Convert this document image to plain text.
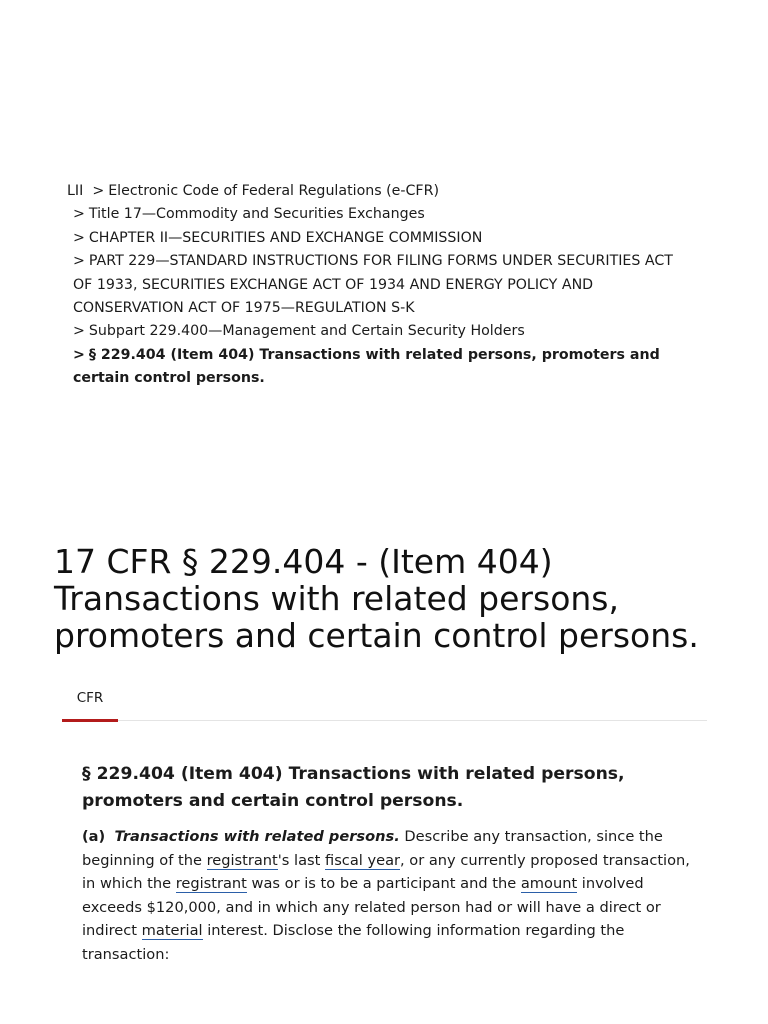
LII > Electronic Code of Federal Regulations (e-CFR)
> Title 17—Commodity and Securities Exchanges
> CHAPTER II—SECURITIES AND EXCHANGE COMMISSION
> PART 229—STANDARD INSTRUCTIONS FOR FILING FORMS UNDER SECURITIES ACT OF 1933, SECURITIES EXCHANGE ACT OF 1934 AND ENERGY POLICY AND CONSERVATION ACT OF 1975—REGULATION S-K
> Subpart 229.400—Management and Certain Security Holders
> § 229.404 (Item 404) Transactions with related persons, promoters and certain control persons.
17 CFR § 229.404 - (Item 404) Transactions with related persons, promoters and certain control persons.
CFR
§ 229.404 (Item 404) Transactions with related persons, promoters and certain control persons.

(a) Transactions with related persons. Describe any transaction, since the beginning of the registrant's last fiscal year, or any currently proposed transaction, in which the registrant was or is to be a participant and the amount involved exceeds $120,000, and in which any related person had or will have a direct or indirect material interest. Disclose the following information regarding the transaction:
